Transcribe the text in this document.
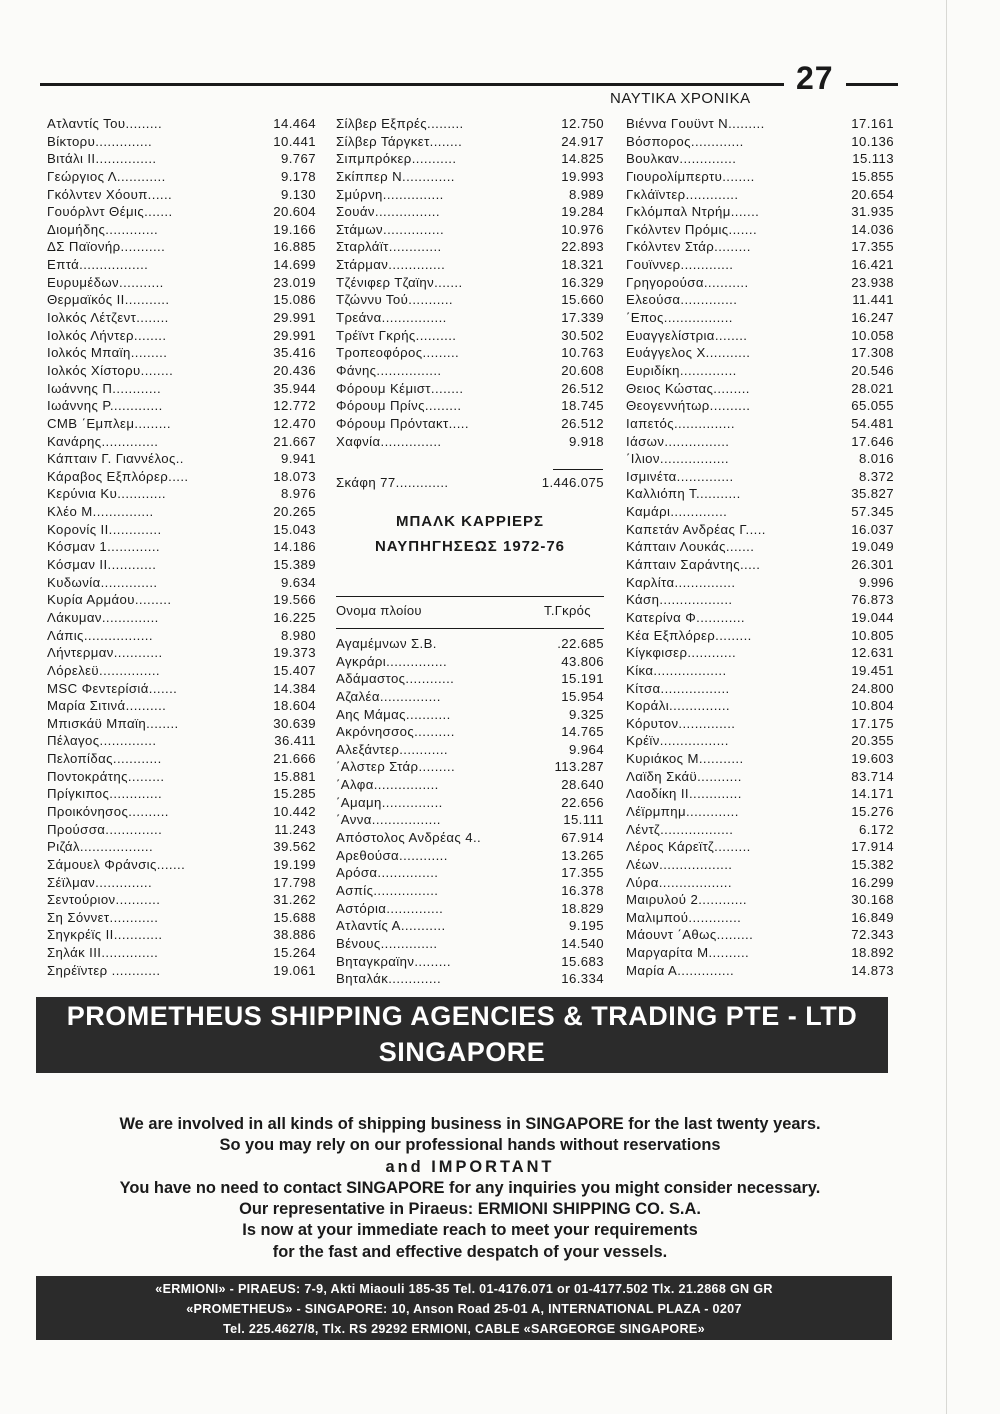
27
ΝΑΥΤΙΚΑ ΧΡΟΝΙΚΑ
Ατλαντίς Του.........	14.464
Βίκτορυ..............	10.441
Βιτάλι ΙΙ...............	9.767
Γεώργιος Λ............	9.178
Γκόλντεν Χόουπ......	9.130
Γουόρλντ Θέμις.......	20.604
Διομήδης.............	19.166
ΔΣ Παϊονήρ...........	16.885
Επτά.................	14.699
Ευρυμέδων...........	23.019
Θερμαϊκός ΙΙ...........	15.086
Ιολκός Λέτζεντ........	29.991
Ιολκός Λήντερ........	29.991
Ιολκός Μπαϊη.........	35.416
Ιολκός Χίστορυ........	20.436
Ιωάννης Π............	35.944
Ιωάννης Ρ.............	12.772
CMB ΄Εμπλεμ.........	12.470
Κανάρης..............	21.667
Κάπταιν Γ. Γιαννέλος..	9.941
Κάραβος Εξπλόρερ.....	18.073
Κερύνια Κυ............	8.976
Κλέο Μ...............	20.265
Κορονίς ΙΙ.............	15.043
Κόσμαν 1.............	14.186
Κόσμαν ΙΙ............	15.389
Κυδωνία..............	9.634
Κυρία Αρμάου.........	19.566
Λάκυμαν..............	16.225
Λάπις.................	8.980
Λήντερμαν............	19.373
Λόρελεϋ...............	15.407
MSC Φεντερίσιά.......	14.384
Μαρία Σιτινά..........	18.604
Μπισκάϋ Μπαϊη........	30.639
Πέλαγος..............	36.411
Πελοπίδας............	21.666
Ποντοκράτης.........	15.881
Πρίγκιπος.............	15.285
Προικόνησος..........	10.442
Προύσσα..............	11.243
Ριζάλ..................	39.562
Σάμουελ Φράνσις.......	19.199
Σέϊλμαν..............	17.798
Σεντούριον...........	31.262
Ση Σόννετ............	15.688
Σηγκρέϊς ΙΙ............	38.886
Σηλάκ ΙΙΙ..............	15.264
Σηρέϊντερ ............	19.061
Σίλβερ Εξπρές.........	12.750
Σίλβερ Τάργκετ........	24.917
Σιπμπρόκερ...........	14.825
Σκίππερ Ν.............	19.993
Σμύρνη...............	8.989
Σουάν................	19.284
Στάμων...............	10.976
Σταρλάϊτ.............	22.893
Στάρμαν..............	18.321
Τζένιφερ Τζαϊην.......	16.329
Τζώννυ Τού...........	15.660
Τρεάνα................	17.339
Τρέϊντ Γκρής..........	30.502
Τροπεοφόρος.........	10.763
Φάνης................	20.608
Φόρουμ Κέμιστ........	26.512
Φόρουμ Πρίνς.........	18.745
Φόρουμ Πρόντακτ.....	26.512
Χαφνία...............	9.918
Σκάφη 77.............	1.446.075
ΜΠΑΛΚ ΚΑΡΡΙΕΡΣ
ΝΑΥΠΗΓΗΣΕΩΣ 1972-76
Ονομα πλοίου	Τ.Γκρός
Αγαμέμνων Σ.Β.	.22.685
Αγκράρι...............	43.806
Αδάμαστος............	15.191
Αζαλέα...............	15.954
Αης Μάμας...........	9.325
Ακρόνησσος..........	14.765
Αλεξάντερ............	9.964
΄Αλστερ Στάρ.........	113.287
΄Αλφα................	28.640
΄Αμαμη...............	22.656
΄Αννα.................	15.111
Απόστολος Ανδρέας 4..	67.914
Αρεθούσα............	13.265
Αρόσα...............	17.355
Ασπίς................	16.378
Αστόρια..............	18.829
Ατλαντίς Α...........	9.195
Βένους..............	14.540
Βηταγκραϊην.........	15.683
Βηταλάκ.............	16.334
Βιέννα Γουϋντ Ν.........	17.161
Βόσπορος.............	10.136
Βουλκαν..............	15.113
Γιουρολίμπερτυ........	15.855
Γκλάϊντερ.............	20.654
Γκλόμπαλ Ντρήμ.......	31.935
Γκόλντεν Πρόμις.......	14.036
Γκόλντεν Στάρ.........	17.355
Γουϊννερ.............	16.421
Γρηγορούσα...........	23.938
Ελεούσα..............	11.441
΄Επος.................	16.247
Ευαγγελίστρια........	10.058
Ευάγγελος Χ...........	17.308
Ευριδίκη..............	20.546
Θειος Κώστας.........	28.021
Θεογεννήτωρ..........	65.055
Ιαπετός...............	54.481
Ιάσων................	17.646
΄Ιλιον.................	8.016
Ισμινέτα..............	8.372
Καλλιόπη Τ...........	35.827
Καμάρι..............	57.345
Καπετάν Ανδρέας Γ.....	16.037
Κάπταιν Λουκάς.......	19.049
Κάπταιν Σαράντης.....	26.301
Καρλίτα...............	9.996
Κάση..................	76.873
Κατερίνα Φ............	19.044
Κέα Εξπλόρερ.........	10.805
Κίγκφισερ............	12.631
Κίκα..................	19.451
Κίτσα.................	24.800
Κοράλι...............	10.804
Κόρυτον..............	17.175
Κρέϊν.................	20.355
Κυριάκος Μ...........	19.603
Λαϊδη Σκάϋ...........	83.714
Λαοδίκη ΙΙ.............	14.171
Λέϊρμπημ.............	15.276
Λέντζ..................	6.172
Λέρος Κάρεϊτζ.........	17.914
Λέων..................	15.382
Λύρα..................	16.299
Μαιρυλού 2............	30.168
Μαλιμπού.............	16.849
Μάουντ ΄Αθως.........	72.343
Μαργαρίτα Μ..........	18.892
Μαρία Α..............	14.873
PROMETHEUS SHIPPING AGENCIES & TRADING PTE - LTD
SINGAPORE
We are involved in all kinds of shipping business in SINGAPORE for the last twenty years.
So you may rely on our professional hands without reservations
and IMPORTANT
You have no need to contact SINGAPORE for any inquiries you might consider necessary.
Our representative in Piraeus: ERMIONI SHIPPING CO. S.A.
Is now at your immediate reach to meet your requirements
for the fast and effective despatch of your vessels.
«ERMIONI» - PIRAEUS: 7-9, Akti Miaouli 185-35 Tel. 01-4176.071 or 01-4177.502 Tlx. 21.2868 GN GR
«PROMETHEUS» - SINGAPORE: 10, Anson Road 25-01 A, INTERNATIONAL PLAZA - 0207
Tel. 225.4627/8, Tlx. RS 29292 ERMIONI, CABLE «SARGEORGE SINGAPORE»
